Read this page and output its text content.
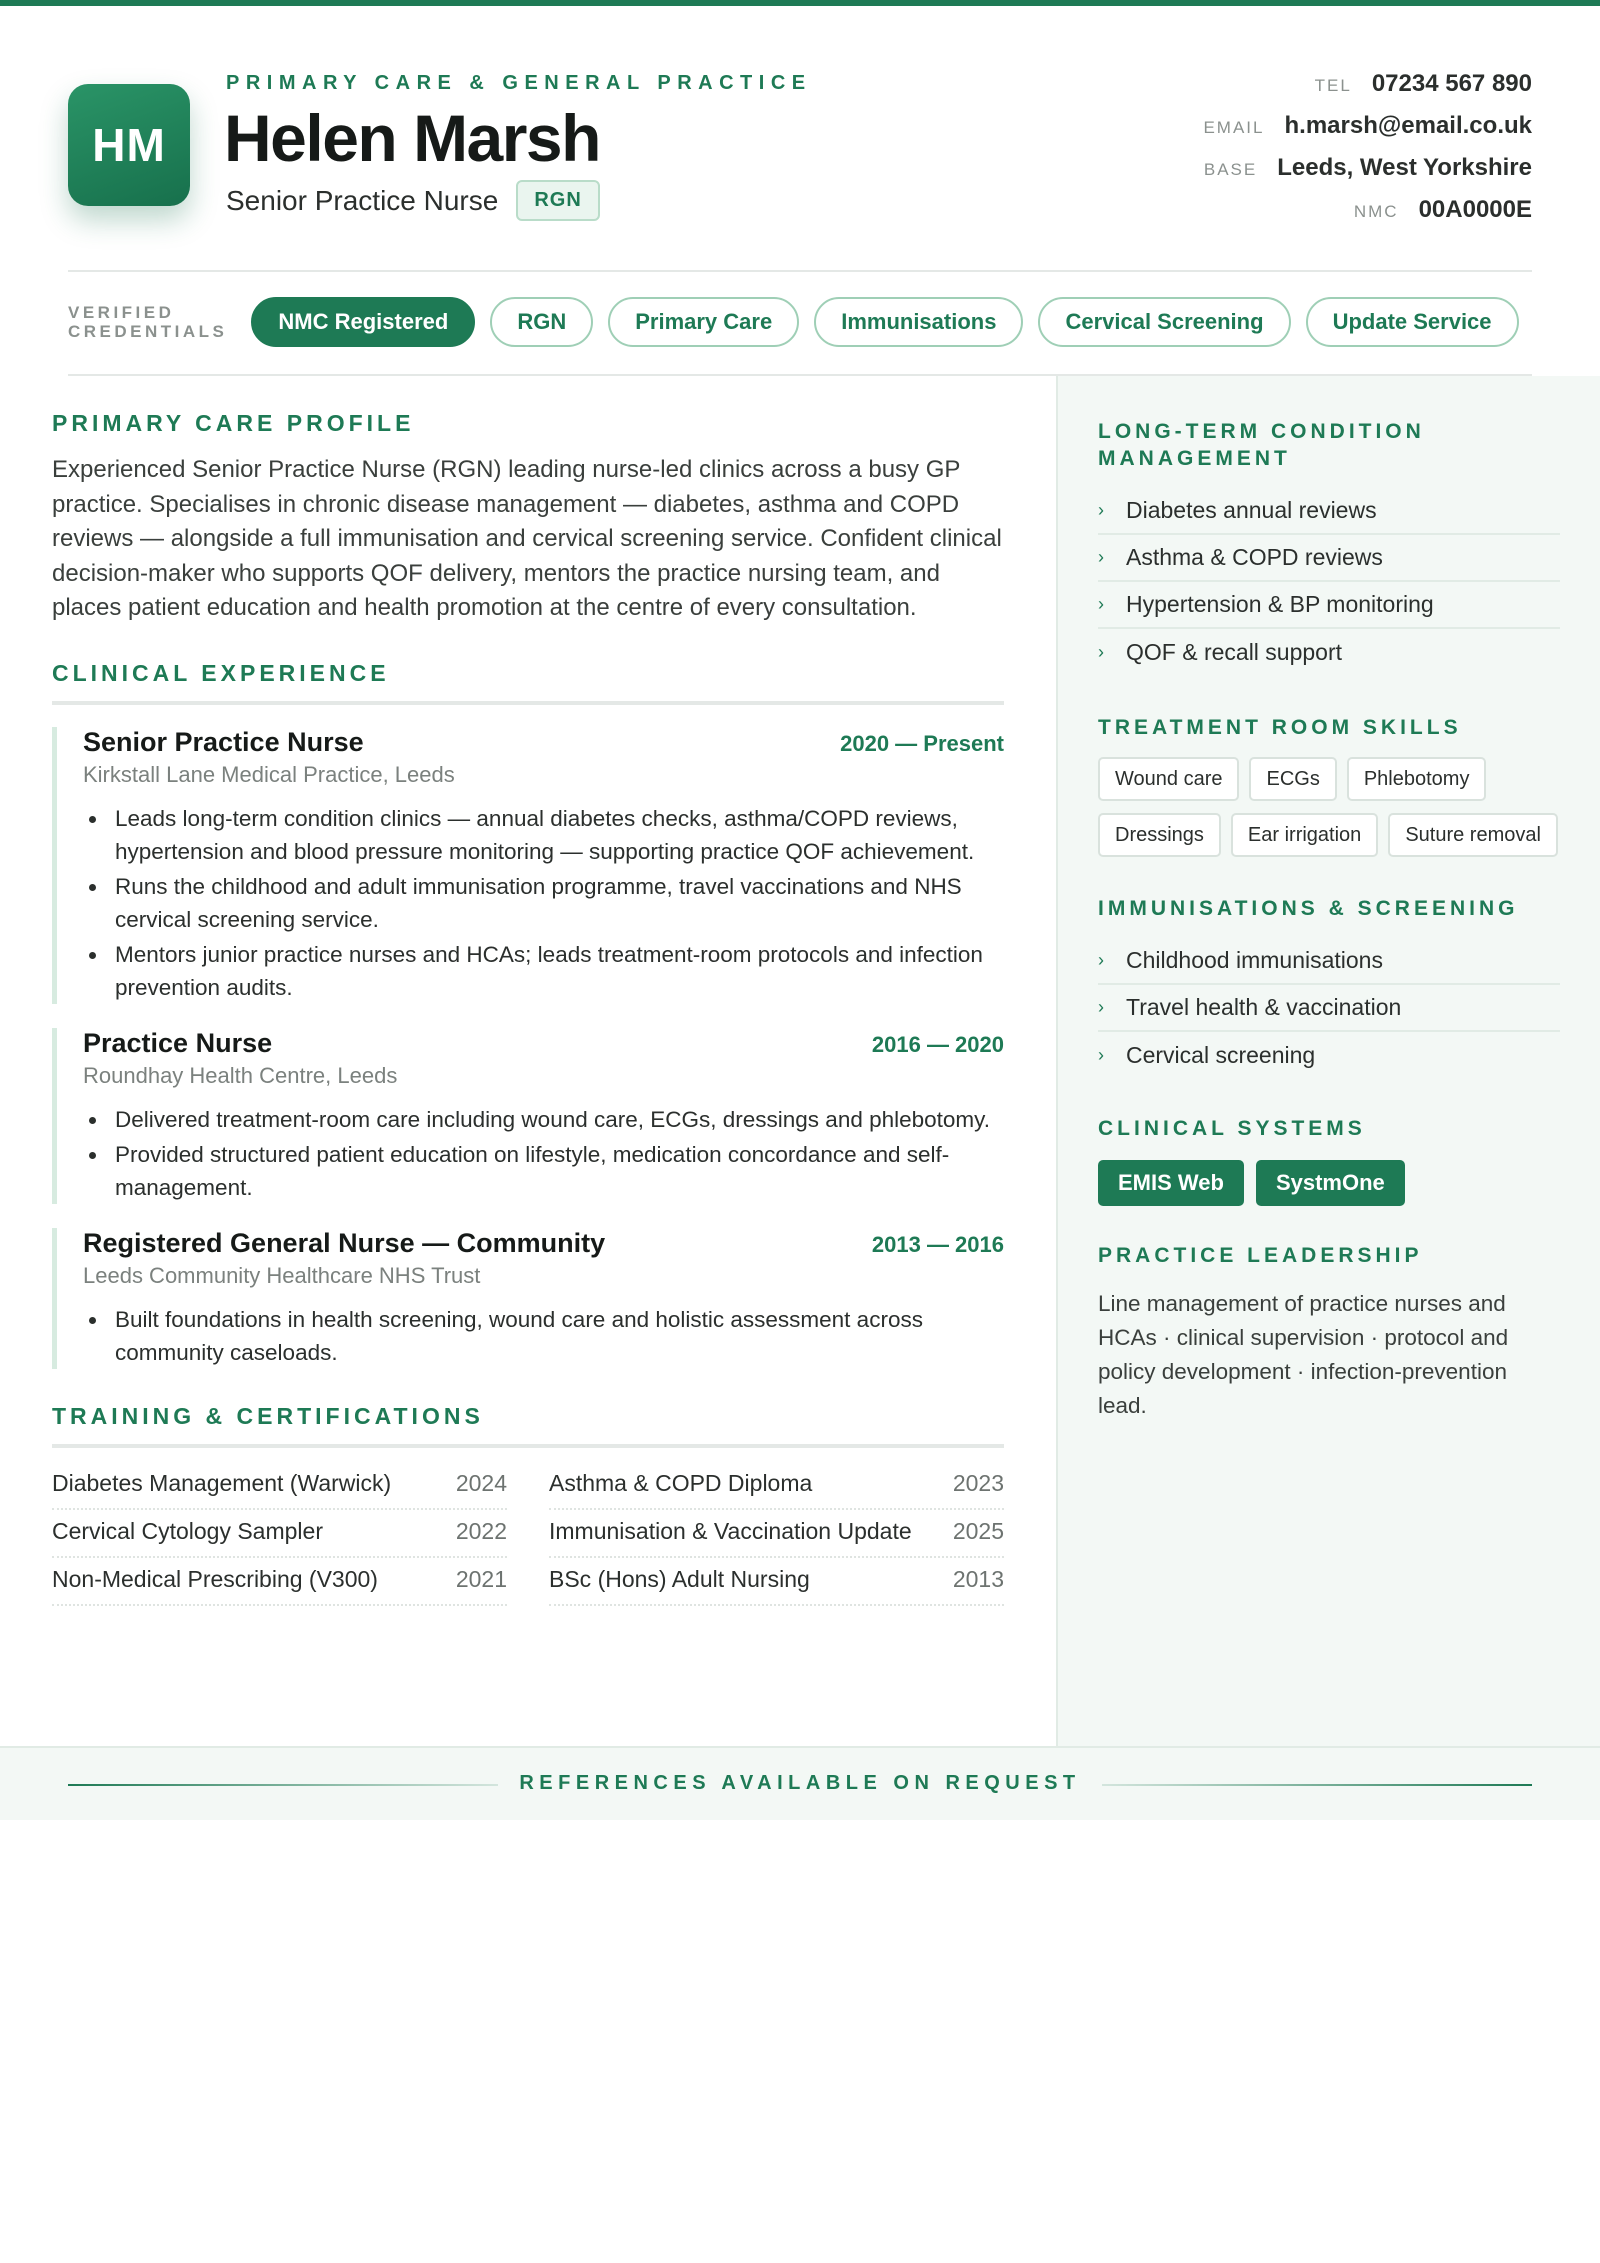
HM
PRIMARY CARE & GENERAL PRACTICE
Helen Marsh
Senior Practice Nurse	RGN
TEL 07234 567 890
EMAIL h.marsh@email.co.uk
BASE Leeds, West Yorkshire
NMC 00A0000E
VERIFIED
CREDENTIALS	NMC Registered	RGN	Primary Care	Immunisations	Cervical Screening	Update Service
PRIMARY CARE PROFILE

Experienced Senior Practice Nurse (RGN) leading nurse-led clinics across a busy GP practice. Specialises in chronic disease management — diabetes, asthma and COPD reviews — alongside a full immunisation and cervical screening service. Confident clinical decision-maker who supports QOF delivery, mentors the practice nursing team, and places patient education and health promotion at the centre of every consultation.

CLINICAL EXPERIENCE
Senior Practice Nurse	2020 — Present
Kirkstall Lane Medical Practice, Leeds
Leads long-term condition clinics — annual diabetes checks, asthma/COPD reviews, hypertension and blood pressure monitoring — supporting practice QOF achievement.
Runs the childhood and adult immunisation programme, travel vaccinations and NHS cervical screening service.
Mentors junior practice nurses and HCAs; leads treatment-room protocols and infection prevention audits.
Practice Nurse	2016 — 2020
Roundhay Health Centre, Leeds
Delivered treatment-room care including wound care, ECGs, dressings and phlebotomy.
Provided structured patient education on lifestyle, medication concordance and self-management.
Registered General Nurse — Community	2013 — 2016
Leeds Community Healthcare NHS Trust
Built foundations in health screening, wound care and holistic assessment across community caseloads.
TRAINING & CERTIFICATIONS
Diabetes Management (Warwick)	2024
Cervical Cytology Sampler	2022
Non-Medical Prescribing (V300)	2021
Asthma & COPD Diploma	2023
Immunisation & Vaccination Update 2025
BSc (Hons) Adult Nursing	2013
LONG-TERM CONDITION MANAGEMENT
› Diabetes annual reviews
› Asthma & COPD reviews
› Hypertension & BP monitoring
› QOF & recall support
TREATMENT ROOM SKILLS
Wound care	ECGs	Phlebotomy
Dressings	Ear irrigation	Suture removal
IMMUNISATIONS & SCREENING
› Childhood immunisations
› Travel health & vaccination
› Cervical screening
CLINICAL SYSTEMS
EMIS Web	SystmOne
PRACTICE LEADERSHIP

Line management of practice nurses and HCAs · clinical supervision · protocol and policy development · infection-prevention lead.

REFERENCES AVAILABLE ON REQUEST
